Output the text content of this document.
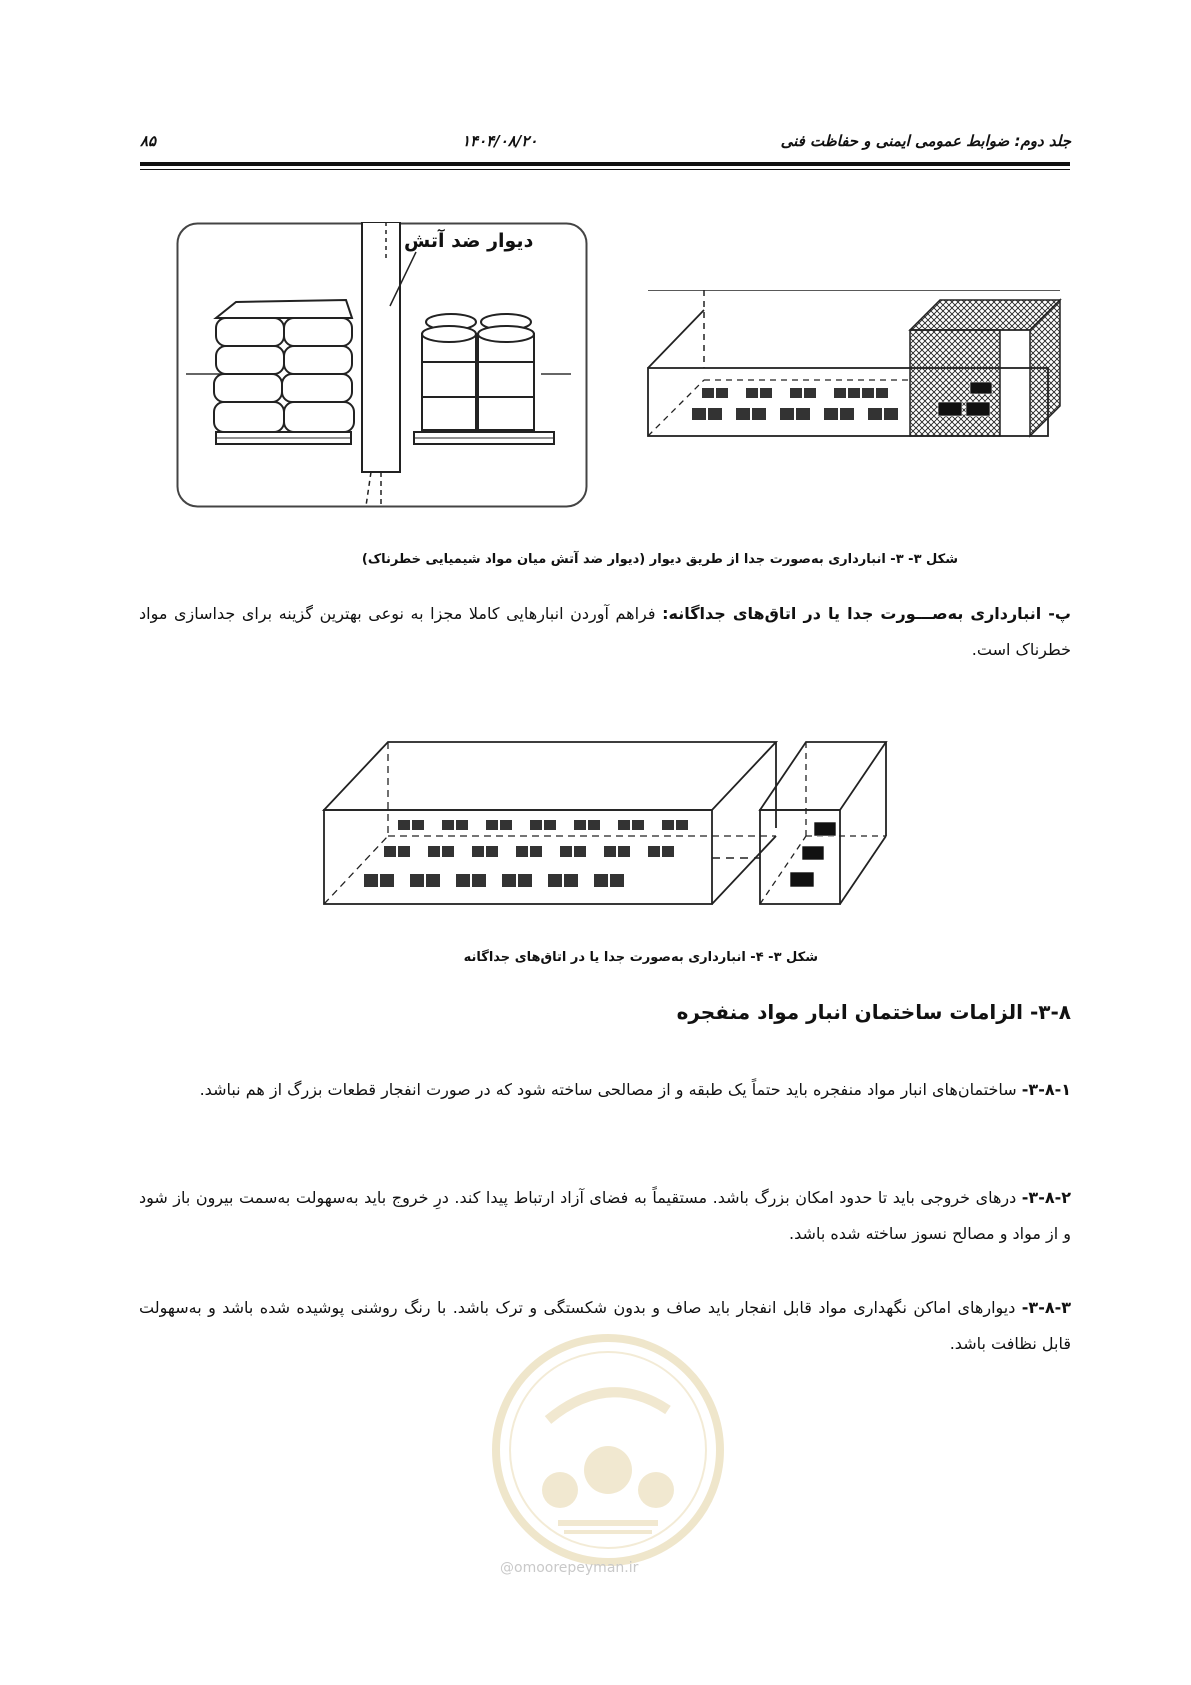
جلد دوم: ضوابط عمومی ایمنی و حفاظت فنی
۱۴۰۴/۰۸/۲۰
۸۵
دیوار ضد آتش
شکل ۳- ۳- انبارداری به‌صورت جدا از طریق دیوار (دیوار ضد آتش میان مواد شیمیایی خطرناک)
پ- انبارداری به‌صـــورت جدا یا در اتاق‌های جداگانه: فراهم آوردن انبارهایی کاملا مجزا به نوعی بهترین گزینه برای جداسازی مواد خطرناک است.
شکل ۳- ۴- انبارداری به‌صورت جدا یا در اتاق‌های جداگانه
۳-۸- الزامات ساختمان انبار مواد منفجره
۳-۸-۱- ساختمان‌های انبار مواد منفجره باید حتماً یک طبقه و از مصالحی ساخته شود که در صورت انفجار قطعات بزرگ از هم نباشد.
۳-۸-۲- درهای خروجی باید تا حدود امکان بزرگ باشد. مستقیماً به فضای آزاد ارتباط پیدا کند. درِ خروج باید به‌سهولت به‌سمت بیرون باز شود و از مواد و مصالح نسوز ساخته شده باشد.
۳-۸-۳- دیوارهای اماکن نگهداری مواد قابل انفجار باید صاف و بدون شکستگی و ترک باشد. با رنگ روشنی پوشیده شده باشد و به‌سهولت قابل نظافت باشد.
@omoorepeyman.ir
